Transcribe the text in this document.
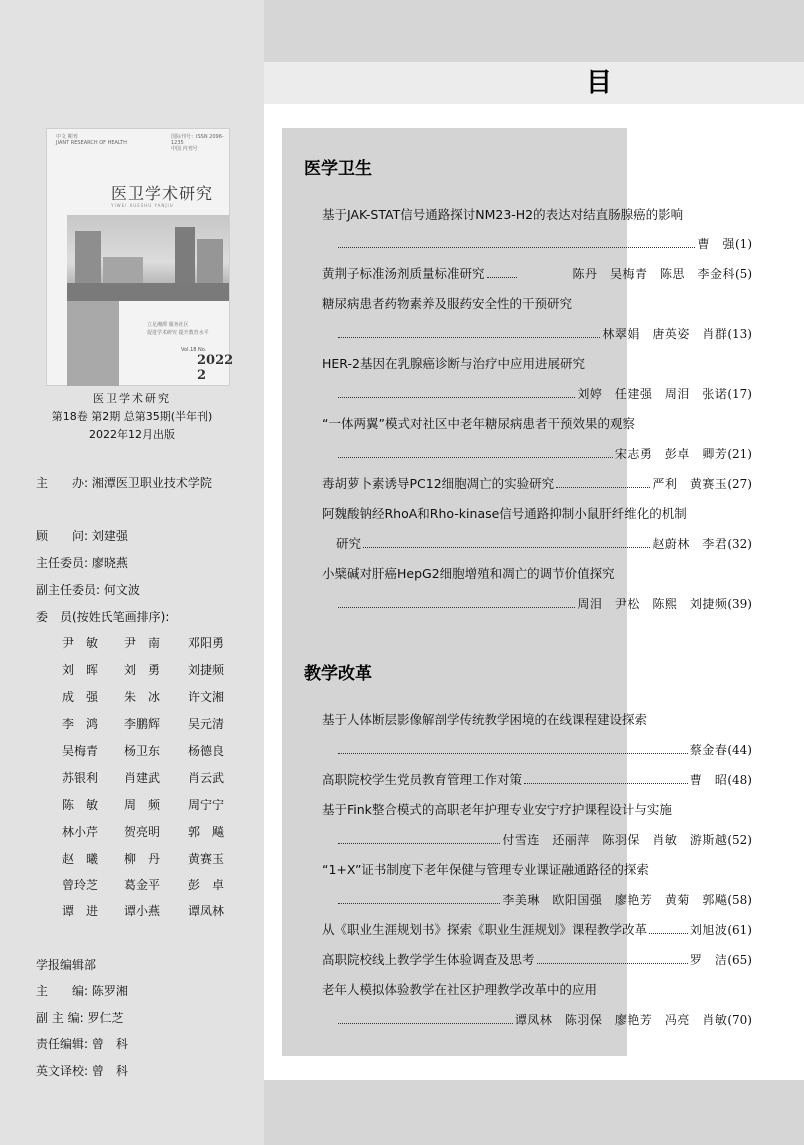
目
中文 期刊
JIANT RESEARCH OF HEALTH
国际刊号：ISSN 2096-1235
中国 内刊号
医卫学术研究
YIWEI XUESHU YANJIU
立足湘潭 服务社区
促进学术研究 提升教育水平
Vol.18 No.
2022 2
医卫学术研究
第18卷 第2期 总第35期(半年刊)
2022年12月出版
主　　办: 湘潭医卫职业技术学院
顾　　问: 刘建强
主任委员: 廖晓燕
副主任委员: 何文波
委　员(按姓氏笔画排序):
尹　敏 尹　南 邓阳勇
刘　晖 刘　勇 刘捷频
成　强 朱　冰 许文湘
李　鸿 李鹏辉 吴元清
吴梅青 杨卫东 杨德良
苏银利 肖建武 肖云武
陈　敏 周　频 周宁宁
林小芹 贺亮明 郭　飚
赵　曦 柳　丹 黄赛玉
曾玲芝 葛金平 彭　卓
谭　进 谭小燕 谭凤林
学报编辑部
主　　编: 陈罗湘
副 主 编: 罗仁芝
责任编辑: 曾　科
英文译校: 曾　科
医学卫生
基于JAK-STAT信号通路探讨NM23-H2的表达对结直肠腺癌的影响
曹　强 (1)
黄荆子标准汤剂质量标准研究	陈丹　吴梅青　陈思　李金科 (5)
糖尿病患者药物素养及服药安全性的干预研究
林翠娟　唐英姿　肖群 (13)
HER-2基因在乳腺癌诊断与治疗中应用进展研究
刘婷　任建强　周泪　张诺 (17)
“一体两翼”模式对社区中老年糖尿病患者干预效果的观察
宋志勇　彭卓　卿芳 (21)
毒胡萝卜素诱导PC12细胞凋亡的实验研究	严利　黄赛玉 (27)
阿魏酸钠经RhoA和Rho-kinase信号通路抑制小鼠肝纤维化的机制
研究	赵蔚林　李君 (32)
小檗碱对肝癌HepG2细胞增殖和凋亡的调节价值探究
周泪　尹松　陈熙　刘捷频 (39)
教学改革
基于人体断层影像解剖学传统教学困境的在线课程建设探索
蔡金春 (44)
高职院校学生党员教育管理工作对策	曹　昭 (48)
基于Fink整合模式的高职老年护理专业安宁疗护课程设计与实施
付雪连　还丽萍　陈羽保　肖敏　游斯越 (52)
“1+X”证书制度下老年保健与管理专业课证融通路径的探索
李美琳　欧阳国强　廖艳芳　黄菊　郭飚 (58)
从《职业生涯规划书》探索《职业生涯规划》课程教学改革	刘旭波 (61)
高职院校线上教学学生体验调查及思考	罗　洁 (65)
老年人模拟体验教学在社区护理教学改革中的应用
谭凤林　陈羽保　廖艳芳　冯亮　肖敏 (70)
